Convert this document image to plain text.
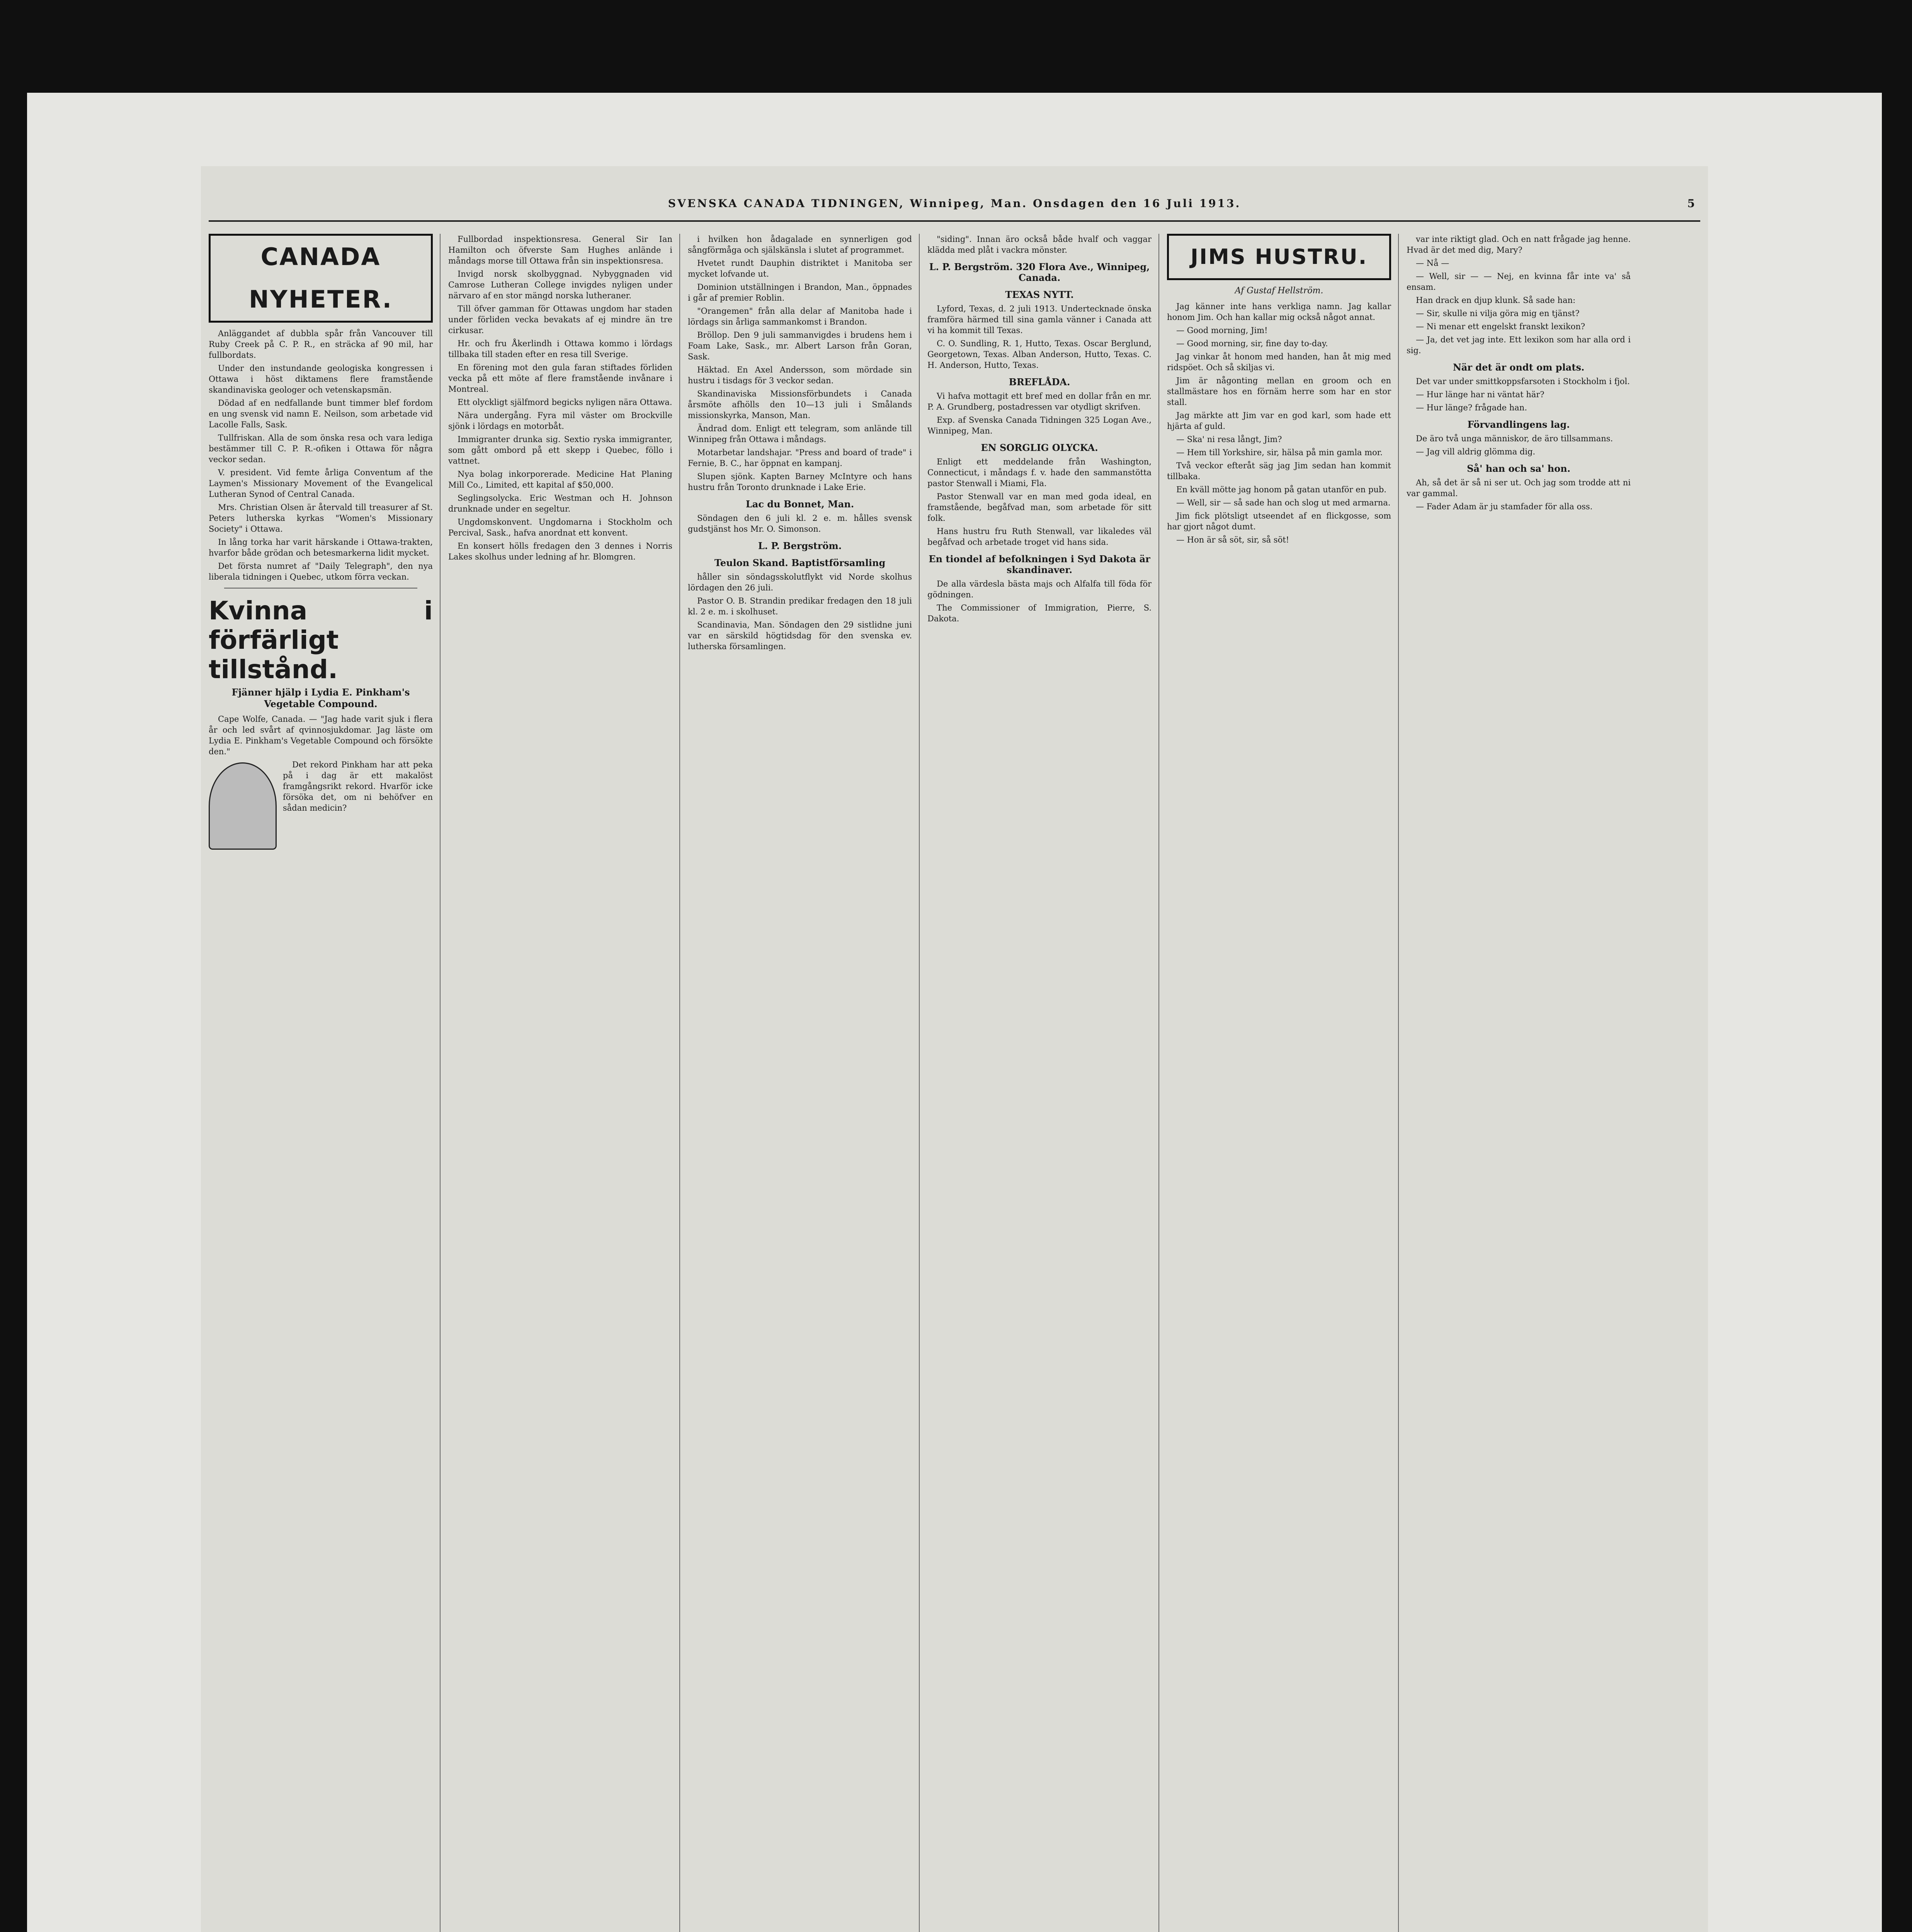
SVENSKA CANADA TIDNINGEN, Winnipeg, Man. Onsdagen den 16 Juli 1913.	5
CANADA NYHETER.

Anläggandet af dubbla spår från Vancouver till Ruby Creek på C. P. R., en sträcka af 90 mil, har fullbordats.

Under den instundande geologiska kongressen i Ottawa i höst diktamens flere framstående skandinaviska geologer och vetenskapsmän.

Dödad af en nedfallande bunt timmer blef fordom en ung svensk vid namn E. Neilson, som arbetade vid Lacolle Falls, Sask.

Tullfriskan. Alla de som önska resa och vara lediga bestämmer till C. P. R.-ofiken i Ottawa för några veckor sedan.

V. president. Vid femte årliga Conventum af the Laymen's Missionary Movement of the Evangelical Lutheran Synod of Central Canada.

Mrs. Christian Olsen är återvald till treasurer af St. Peters lutherska kyrkas "Women's Missionary Society" i Ottawa.

In lång torka har varit härskande i Ottawa-trakten, hvarfor både grödan och betesmarkerna lidit mycket.

Det första numret af "Daily Telegraph", den nya liberala tidningen i Quebec, utkom förra veckan.

Kvinna i förfärligt tillstånd.
Fjänner hjälp i Lydia E. Pinkham's Vegetable Compound.

Cape Wolfe, Canada. — "Jag hade varit sjuk i flera år och led svårt af qvinnosjukdomar. Jag läste om Lydia E. Pinkham's Vegetable Compound och försökte den."

Det rekord Pinkham har att peka på i dag är ett makalöst framgångsrikt rekord. Hvarför icke försöka det, om ni behöfver en sådan medicin?

Fullbordad inspektionsresa. General Sir Ian Hamilton och öfverste Sam Hughes anlände i måndags morse till Ottawa från sin inspektionsresa.

Invigd norsk skolbyggnad. Nybyggnaden vid Camrose Lutheran College invigdes nyligen under närvaro af en stor mängd norska lutheraner.

Till öfver gamman för Ottawas ungdom har staden under förliden vecka bevakats af ej mindre än tre cirkusar.

Hr. och fru Åkerlindh i Ottawa kommo i lördags tillbaka till staden efter en resa till Sverige.

En förening mot den gula faran stiftades förliden vecka på ett möte af flere framstående invånare i Montreal.

Ett olyckligt själfmord begicks nyligen nära Ottawa.

Nära undergång. Fyra mil väster om Brockville sjönk i lördags en motorbåt.

Immigranter drunka sig. Sextio ryska immigranter, som gått ombord på ett skepp i Quebec, föllo i vattnet.

Nya bolag inkorporerade. Medicine Hat Planing Mill Co., Limited, ett kapital af $50,000.

Seglingsolycka. Eric Westman och H. Johnson drunknade under en segeltur.

Ungdomskonvent. Ungdomarna i Stockholm och Percival, Sask., hafva anordnat ett konvent.

En konsert hölls fredagen den 3 dennes i Norris Lakes skolhus under ledning af hr. Blomgren.

i hvilken hon ådagalade en synnerligen god sångförmåga och själskänsla i slutet af programmet.

Hvetet rundt Dauphin distriktet i Manitoba ser mycket lofvande ut.

Dominion utställningen i Brandon, Man., öppnades i går af premier Roblin.

"Orangemen" från alla delar af Manitoba hade i lördags sin årliga sammankomst i Brandon.

Bröllop. Den 9 juli sammanvigdes i brudens hem i Foam Lake, Sask., mr. Albert Larson från Goran, Sask.

Häktad. En Axel Andersson, som mördade sin hustru i tisdags för 3 veckor sedan.

Skandinaviska Missionsförbundets i Canada årsmöte afhölls den 10—13 juli i Smålands missionskyrka, Manson, Man.

Ändrad dom. Enligt ett telegram, som anlände till Winnipeg från Ottawa i måndags.

Motarbetar landshajar. "Press and board of trade" i Fernie, B. C., har öppnat en kampanj.

Slupen sjönk. Kapten Barney McIntyre och hans hustru från Toronto drunknade i Lake Erie.

Lac du Bonnet, Man.

Söndagen den 6 juli kl. 2 e. m. hålles svensk gudstjänst hos Mr. O. Simonson.

L. P. Bergström.
Teulon Skand. Baptistförsamling

håller sin söndagsskolutflykt vid Norde skolhus lördagen den 26 juli.

Pastor O. B. Strandin predikar fredagen den 18 juli kl. 2 e. m. i skolhuset.

Scandinavia, Man. Söndagen den 29 sistlidne juni var en särskild högtidsdag för den svenska ev. lutherska församlingen.

"siding". Innan äro också både hvalf och vaggar klädda med plåt i vackra mönster.

L. P. Bergström. 320 Flora Ave., Winnipeg, Canada.
TEXAS NYTT.

Lyford, Texas, d. 2 juli 1913. Undertecknade önska framföra härmed till sina gamla vänner i Canada att vi ha kommit till Texas.

C. O. Sundling, R. 1, Hutto, Texas. Oscar Berglund, Georgetown, Texas. Alban Anderson, Hutto, Texas. C. H. Anderson, Hutto, Texas.

BREFLÅDA.

Vi hafva mottagit ett bref med en dollar från en mr. P. A. Grundberg, postadressen var otydligt skrifven.

Exp. af Svenska Canada Tidningen 325 Logan Ave., Winnipeg, Man.

EN SORGLIG OLYCKA.

Enligt ett meddelande från Washington, Connecticut, i måndags f. v. hade den sammanstötta pastor Stenwall i Miami, Fla.

Pastor Stenwall var en man med goda ideal, en framstående, begåfvad man, som arbetade för sitt folk.

Hans hustru fru Ruth Stenwall, var likaledes väl begåfvad och arbetade troget vid hans sida.

En tiondel af befolkningen i Syd Dakota är skandinaver.

De alla värdesla bästa majs och Alfalfa till föda för gödningen.

The Commissioner of Immigration, Pierre, S. Dakota.

JIMS HUSTRU.
Af Gustaf Hellström.

Jag känner inte hans verkliga namn. Jag kallar honom Jim. Och han kallar mig också något annat.

— Good morning, Jim!

— Good morning, sir, fine day to-day.

Jag vinkar åt honom med handen, han åt mig med ridspöet. Och så skiljas vi.

Jim är någonting mellan en groom och en stallmästare hos en förnäm herre som har en stor stall.

Jag märkte att Jim var en god karl, som hade ett hjärta af guld.

— Ska' ni resa långt, Jim?

— Hem till Yorkshire, sir, hälsa på min gamla mor.

Två veckor efteråt säg jag Jim sedan han kommit tillbaka.

En kväll mötte jag honom på gatan utanför en pub.

— Well, sir — så sade han och slog ut med armarna.

Jim fick plötsligt utseendet af en flickgosse, som har gjort något dumt.

— Hon är så söt, sir, så söt!

var inte riktigt glad. Och en natt frågade jag henne. Hvad är det med dig, Mary?

— Nå —

— Well, sir — — Nej, en kvinna får inte va' så ensam.

Han drack en djup klunk. Så sade han:

— Sir, skulle ni vilja göra mig en tjänst?

— Ni menar ett engelskt franskt lexikon?

— Ja, det vet jag inte. Ett lexikon som har alla ord i sig.

När det är ondt om plats.

Det var under smittkoppsfarsoten i Stockholm i fjol.

— Hur länge har ni väntat här?

— Hur länge? frågade han.

Förvandlingens lag.

De äro två unga människor, de äro tillsammans.

— Jag vill aldrig glömma dig.

Så' han och sa' hon.

Ah, så det är så ni ser ut. Och jag som trodde att ni var gammal.

— Fader Adam är ju stamfader för alla oss.
